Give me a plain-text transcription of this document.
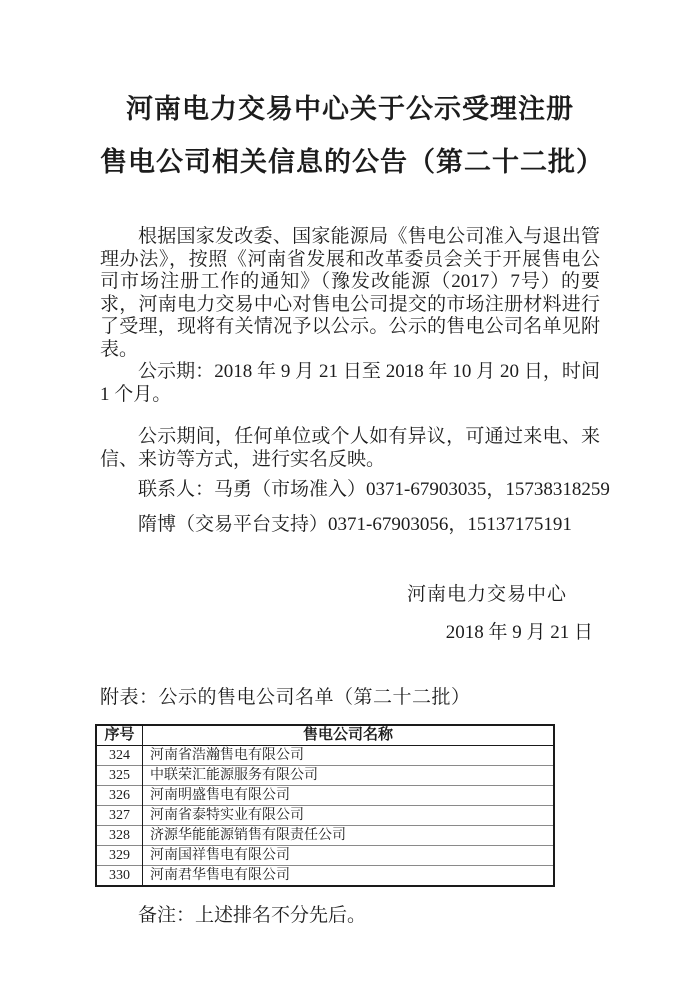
河南电力交易中心关于公示受理注册
售电公司相关信息的公告（第二十二批）

根据国家发改委、国家能源局《售电公司准入与退出管理办法》，按照《河南省发展和改革委员会关于开展售电公司市场注册工作的通知》（豫发改能源（2017）7号）的要求，河南电力交易中心对售电公司提交的市场注册材料进行了受理，现将有关情况予以公示。公示的售电公司名单见附表。

公示期：2018 年 9 月 21 日至 2018 年 10 月 20 日，时间 1 个月。

公示期间，任何单位或个人如有异议，可通过来电、来信、来访等方式，进行实名反映。

联系人：马勇（市场准入）0371-67903035，15738318259

隋博（交易平台支持）0371-67903056，15137175191

河南电力交易中心
2018 年 9 月 21 日
附表：公示的售电公司名单（第二十二批）
序号	售电公司名称
324	河南省浩瀚售电有限公司
325	中联荣汇能源服务有限公司
326	河南明盛售电有限公司
327	河南省泰特实业有限公司
328	济源华能能源销售有限责任公司
329	河南国祥售电有限公司
330	河南君华售电有限公司

备注：上述排名不分先后。
